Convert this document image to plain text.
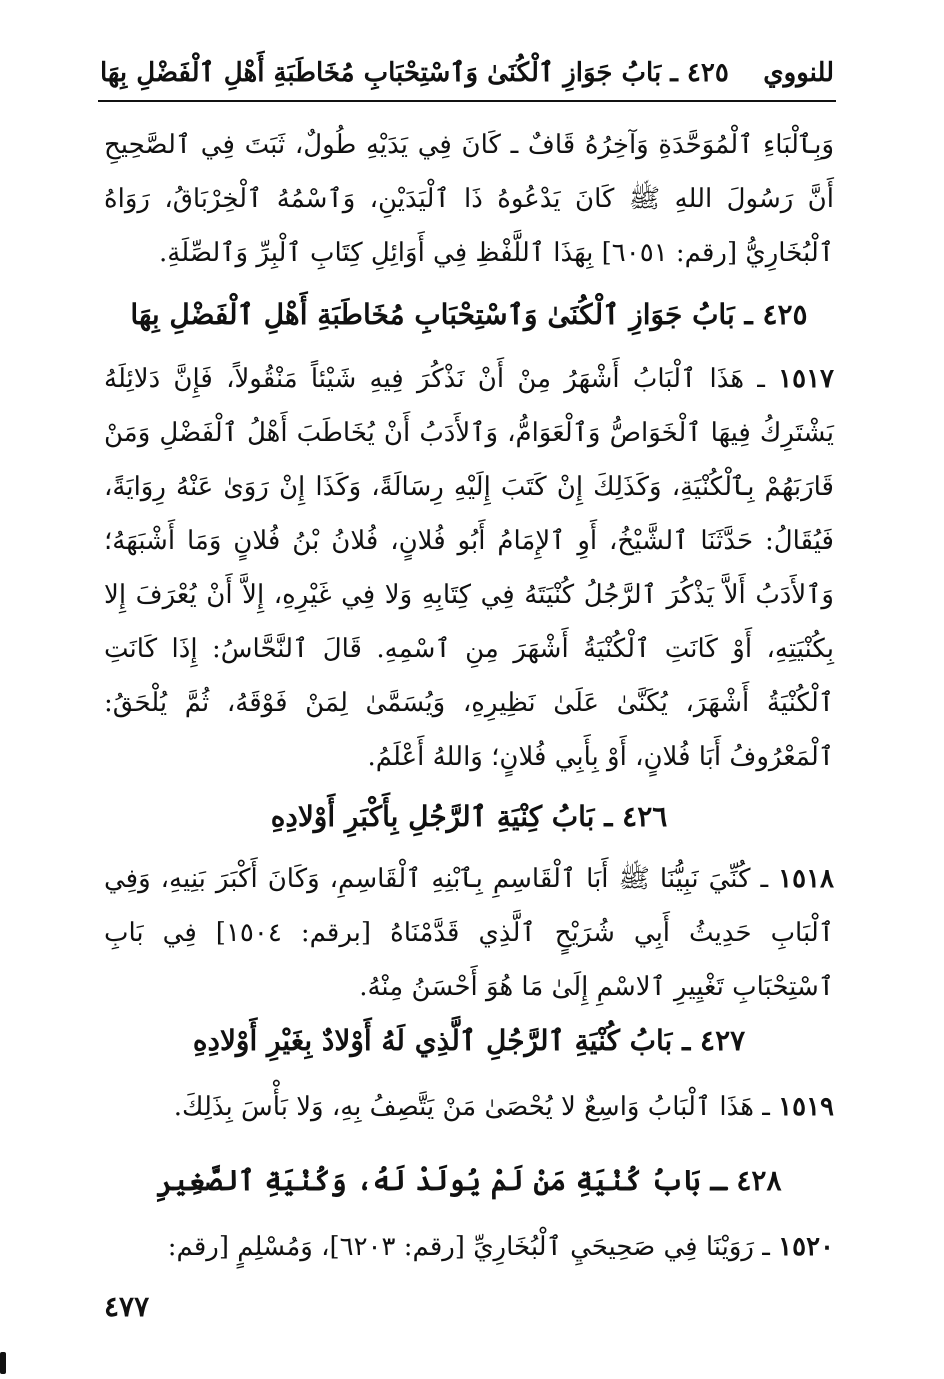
للنووي
٤٢٥ ـ بَابُ جَوَازِ ٱلْكُنَىٰ وَٱسْتِحْبَابِ مُخَاطَبَةِ أَهْلِ ٱلْفَضْلِ بِهَا
وَبِٱلْبَاءِ ٱلْمُوَحَّدَةِ وَآخِرُهُ قَافٌ ـ كَانَ فِي يَدَيْهِ طُولٌ، ثَبَتَ فِي ٱلصَّحِيحِ أَنَّ رَسُولَ اللهِ ﷺ كَانَ يَدْعُوهُ ذَا ٱلْيَدَيْنِ، وَٱسْمُهُ ٱلْخِرْبَاقُ، رَوَاهُ ٱلْبُخَارِيُّ [رقم: ٦٠٥١] بِهَذَا ٱللَّفْظِ فِي أَوَائِلِ كِتَابِ ٱلْبِرِّ وَٱلصِّلَةِ.
٤٢٥ ـ بَابُ جَوَازِ ٱلْكُنَىٰ وَٱسْتِحْبَابِ مُخَاطَبَةِ أَهْلِ ٱلْفَضْلِ بِهَا
١٥١٧ ـ هَذَا ٱلْبَابُ أَشْهَرُ مِنْ أَنْ نَذْكُرَ فِيهِ شَيْئاً مَنْقُولاً، فَإِنَّ دَلائِلَهُ يَشْتَرِكُ فِيهَا ٱلْخَوَاصُّ وَٱلْعَوَامُّ، وَٱلأَدَبُ أَنْ يُخَاطَبَ أَهْلُ ٱلْفَضْلِ وَمَنْ قَارَبَهُمْ بِٱلْكُنْيَةِ، وَكَذَلِكَ إِنْ كَتَبَ إِلَيْهِ رِسَالَةً، وَكَذَا إِنْ رَوَىٰ عَنْهُ رِوَايَةً، فَيُقَالُ: حَدَّثَنَا ٱلشَّيْخُ، أَوِ ٱلإِمَامُ أَبُو فُلانٍ، فُلانُ بْنُ فُلانٍ وَمَا أَشْبَهَهُ؛ وَٱلأَدَبُ أَلاَّ يَذْكُرَ ٱلرَّجُلُ كُنْيَتَهُ فِي كِتَابِهِ وَلا فِي غَيْرِهِ، إِلاَّ أَنْ يُعْرَفَ إِلا بِكُنْيَتِهِ، أَوْ كَانَتِ ٱلْكُنْيَةُ أَشْهَرَ مِنِ ٱسْمِهِ. قَالَ ٱلنَّحَّاسُ: إِذَا كَانَتِ ٱلْكُنْيَةُ أَشْهَرَ، يُكَنَّىٰ عَلَىٰ نَظِيرِهِ، وَيُسَمَّىٰ لِمَنْ فَوْقَهُ، ثُمَّ يُلْحَقُ: ٱلْمَعْرُوفُ أَبَا فُلانٍ، أَوْ بِأَبِي فُلانٍ؛ وَاللهُ أَعْلَمُ.
٤٢٦ ـ بَابُ كِنْيَةِ ٱلرَّجُلِ بِأَكْبَرِ أَوْلادِهِ
١٥١٨ ـ كُنِّيَ نَبِيُّنَا ﷺ أَبَا ٱلْقَاسِمِ بِٱبْنِهِ ٱلْقَاسِمِ، وَكَانَ أَكْبَرَ بَنِيهِ، وَفِي ٱلْبَابِ حَدِيثُ أَبِي شُرَيْحٍ ٱلَّذِي قَدَّمْنَاهُ [برقم: ١٥٠٤] فِي بَابِ ٱسْتِحْبَابِ تَغْيِيرِ ٱلاسْمِ إِلَىٰ مَا هُوَ أَحْسَنُ مِنْهُ.
٤٢٧ ـ بَابُ كُنْيَةِ ٱلرَّجُلِ ٱلَّذِي لَهُ أَوْلادٌ بِغَيْرِ أَوْلادِهِ
١٥١٩ ـ هَذَا ٱلْبَابُ وَاسِعٌ لا يُحْصَىٰ مَنْ يَتَّصِفُ بِهِ، وَلا بَأْسَ بِذَلِكَ.
٤٢٨ ـ بَابُ كُنْيَةِ مَنْ لَمْ يُولَدْ لَهُ، وَكُنْيَةِ ٱلصَّغِيرِ
١٥٢٠ ـ رَوَيْنَا فِي صَحِيحَيِ ٱلْبُخَارِيِّ [رقم: ٦٢٠٣]، وَمُسْلِمٍ [رقم:
٤٧٧
